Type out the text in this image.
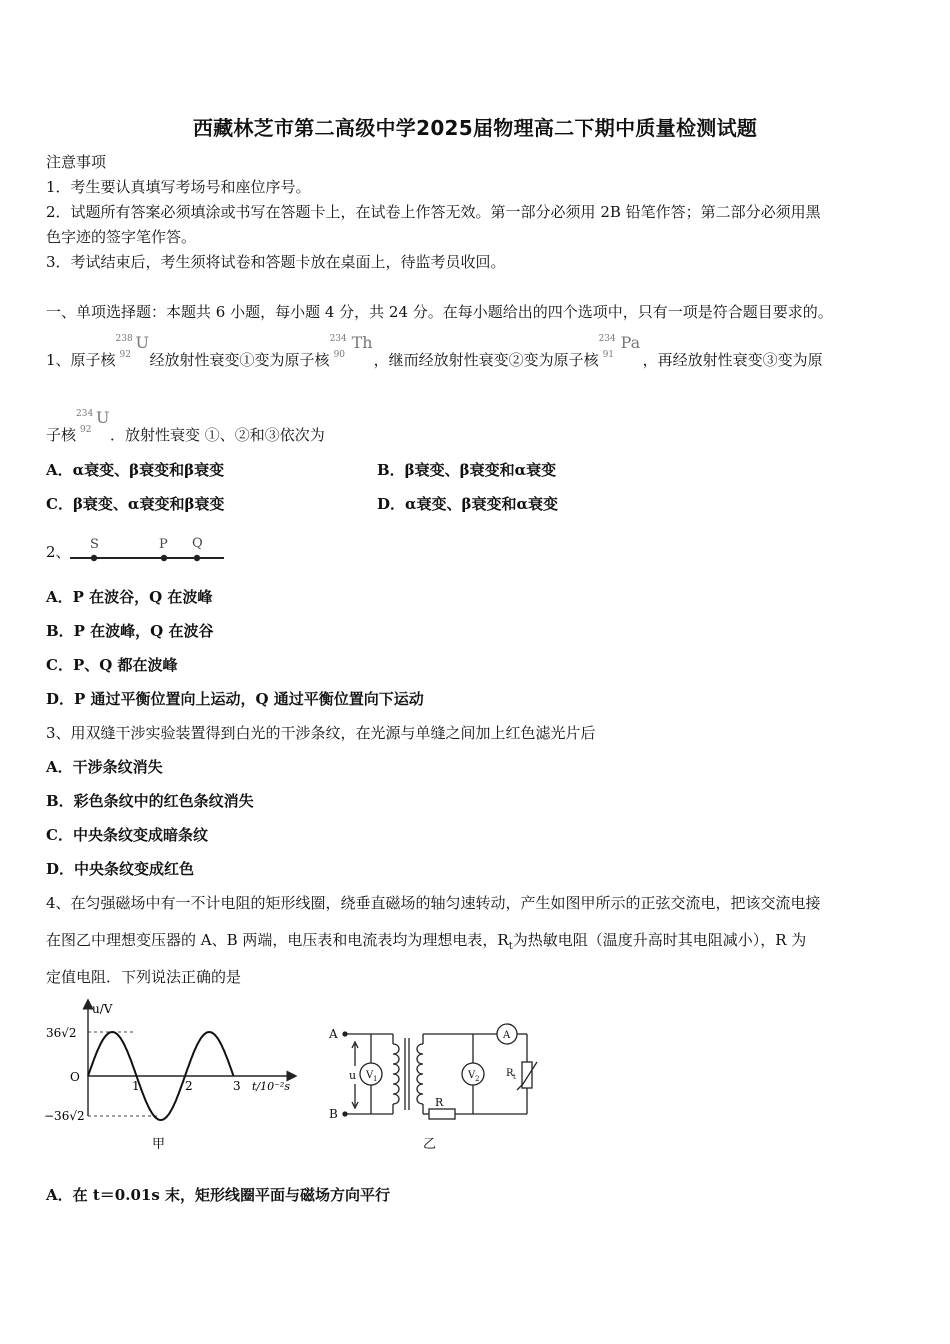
西藏林芝市第二高级中学2025届物理高二下期中质量检测试题
注意事项
1．考生要认真填写考场号和座位序号。
2．试题所有答案必须填涂或书写在答题卡上，在试卷上作答无效。第一部分必须用 2B 铅笔作答；第二部分必须用黑
色字迹的签字笔作答。
3．考试结束后，考生须将试卷和答题卡放在桌面上，待监考员收回。
一、单项选择题：本题共 6 小题，每小题 4 分，共 24 分。在每小题给出的四个选项中，只有一项是符合题目要求的。
1、原子核
238
92
U
经放射性衰变①变为原子核
234
90
Th
，继而经放射性衰变②变为原子核
234
91
Pa
，再经放射性衰变③变为原
子核
234
92
U
．放射性衰变 ①、②和③依次为
A．α衰变、β衰变和β衰变	B．β衰变、β衰变和α衰变
C．β衰变、α衰变和β衰变	D．α衰变、β衰变和α衰变
2、 S	P Q
A．P 在波谷，Q 在波峰
B．P 在波峰，Q 在波谷
C．P、Q 都在波峰
D．P 通过平衡位置向上运动，Q 通过平衡位置向下运动
3、用双缝干涉实验装置得到白光的干涉条纹，在光源与单缝之间加上红色滤光片后
A．干涉条纹消失
B．彩色条纹中的红色条纹消失
C．中央条纹变成暗条纹
D．中央条纹变成红色
4、在匀强磁场中有一不计电阻的矩形线圈，绕垂直磁场的轴匀速转动，产生如图甲所示的正弦交流电，把该交流电接
在图乙中理想变压器的 A、B 两端，电压表和电流表均为理想电表，$R_t$为热敏电阻（温度升高时其电阻减小），R 为
定值电阻．下列说法正确的是
u/V
36√2
O
−36√2
1	2	3 t/10⁻²s
甲
A
B
u V 1	V 2
A
R
R t
乙
A．在 t＝0.01s 末，矩形线圈平面与磁场方向平行
